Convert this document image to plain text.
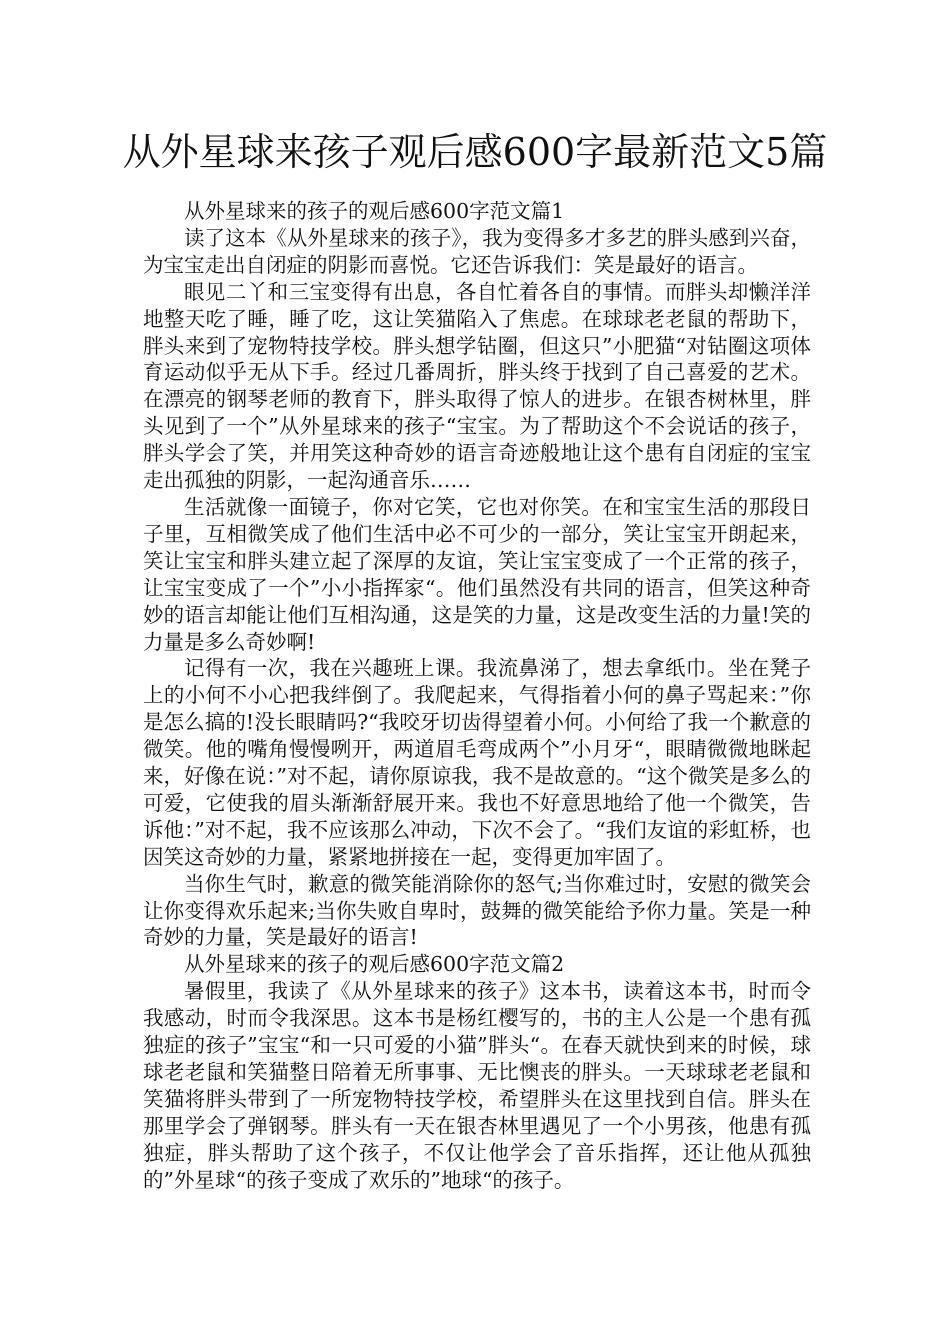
从外星球来孩子观后感600字最新范文5篇

从外星球来的孩子的观后感600字范文篇1

读了这本《从外星球来的孩子》，我为变得多才多艺的胖头感到兴奋，为宝宝走出自闭症的阴影而喜悦。它还告诉我们：笑是最好的语言。

眼见二丫和三宝变得有出息，各自忙着各自的事情。而胖头却懒洋洋地整天吃了睡，睡了吃，这让笑猫陷入了焦虑。在球球老老鼠的帮助下，胖头来到了宠物特技学校。胖头想学钻圈，但这只”小肥猫“对钻圈这项体育运动似乎无从下手。经过几番周折，胖头终于找到了自己喜爱的艺术。在漂亮的钢琴老师的教育下，胖头取得了惊人的进步。在银杏树林里，胖头见到了一个”从外星球来的孩子“宝宝。为了帮助这个不会说话的孩子，胖头学会了笑，并用笑这种奇妙的语言奇迹般地让这个患有自闭症的宝宝走出孤独的阴影，一起沟通音乐……

生活就像一面镜子，你对它笑，它也对你笑。在和宝宝生活的那段日子里，互相微笑成了他们生活中必不可少的一部分，笑让宝宝开朗起来，笑让宝宝和胖头建立起了深厚的友谊，笑让宝宝变成了一个正常的孩子，让宝宝变成了一个”小小指挥家“。他们虽然没有共同的语言，但笑这种奇妙的语言却能让他们互相沟通，这是笑的力量，这是改变生活的力量!笑的力量是多么奇妙啊!

记得有一次，我在兴趣班上课。我流鼻涕了，想去拿纸巾。坐在凳子上的小何不小心把我绊倒了。我爬起来，气得指着小何的鼻子骂起来：”你是怎么搞的!没长眼睛吗?“我咬牙切齿得望着小何。小何给了我一个歉意的微笑。他的嘴角慢慢咧开，两道眉毛弯成两个”小月牙“，眼睛微微地眯起来，好像在说：”对不起，请你原谅我，我不是故意的。“这个微笑是多么的可爱，它使我的眉头渐渐舒展开来。我也不好意思地给了他一个微笑，告诉他：”对不起，我不应该那么冲动，下次不会了。“我们友谊的彩虹桥，也因笑这奇妙的力量，紧紧地拼接在一起，变得更加牢固了。

当你生气时，歉意的微笑能消除你的怒气;当你难过时，安慰的微笑会让你变得欢乐起来;当你失败自卑时，鼓舞的微笑能给予你力量。笑是一种奇妙的力量，笑是最好的语言!

从外星球来的孩子的观后感600字范文篇2

暑假里，我读了《从外星球来的孩子》这本书，读着这本书，时而令我感动，时而令我深思。这本书是杨红樱写的，书的主人公是一个患有孤独症的孩子”宝宝“和一只可爱的小猫”胖头“。在春天就快到来的时候，球球老老鼠和笑猫整日陪着无所事事、无比懊丧的胖头。一天球球老老鼠和笑猫将胖头带到了一所宠物特技学校，希望胖头在这里找到自信。胖头在那里学会了弹钢琴。胖头有一天在银杏林里遇见了一个小男孩，他患有孤独症，胖头帮助了这个孩子，不仅让他学会了音乐指挥，还让他从孤独的”外星球“的孩子变成了欢乐的”地球“的孩子。
